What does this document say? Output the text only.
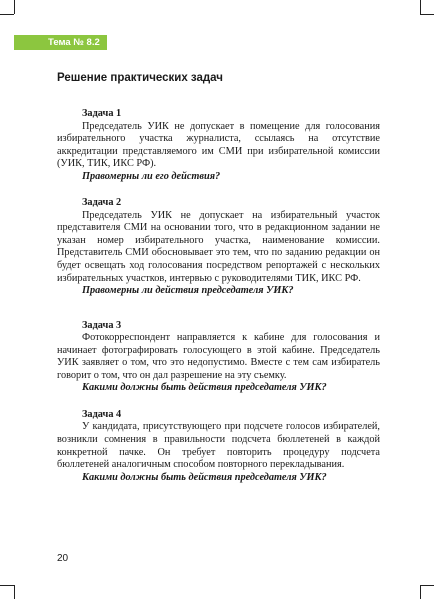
Тема № 8.2
Решение практических задач

Задача 1

Председатель УИК не допускает в помещение для голосования избирательного участка журналиста, ссылаясь на отсутствие аккредитации представляемого им СМИ при избирательной комиссии (УИК, ТИК, ИКС РФ).

Правомерны ли его действия?

Задача 2

Председатель УИК не допускает на избирательный участок представителя СМИ на основании того, что в редакционном задании не указан номер избирательного участка, наименование комиссии. Представитель СМИ обосновывает это тем, что по заданию редакции он будет освещать ход голосования посредством репортажей с нескольких избирательных участков, интервью с руководителями ТИК, ИКС РФ.

Правомерны ли действия председателя УИК?

Задача 3

Фотокорреспондент направляется к кабине для голосования и начинает фотографировать голосующего в этой кабине. Председатель УИК заявляет о том, что это недопустимо. Вместе с тем сам избиратель говорит о том, что он дал разрешение на эту съемку.

Какими должны быть действия председателя УИК?

Задача 4

У кандидата, присутствующего при подсчете голосов избирателей, возникли сомнения в правильности подсчета бюллетеней в каждой конкретной пачке. Он требует повторить процедуру подсчета бюллетеней аналогичным способом повторного перекладывания.

Какими должны быть действия председателя УИК?

20
